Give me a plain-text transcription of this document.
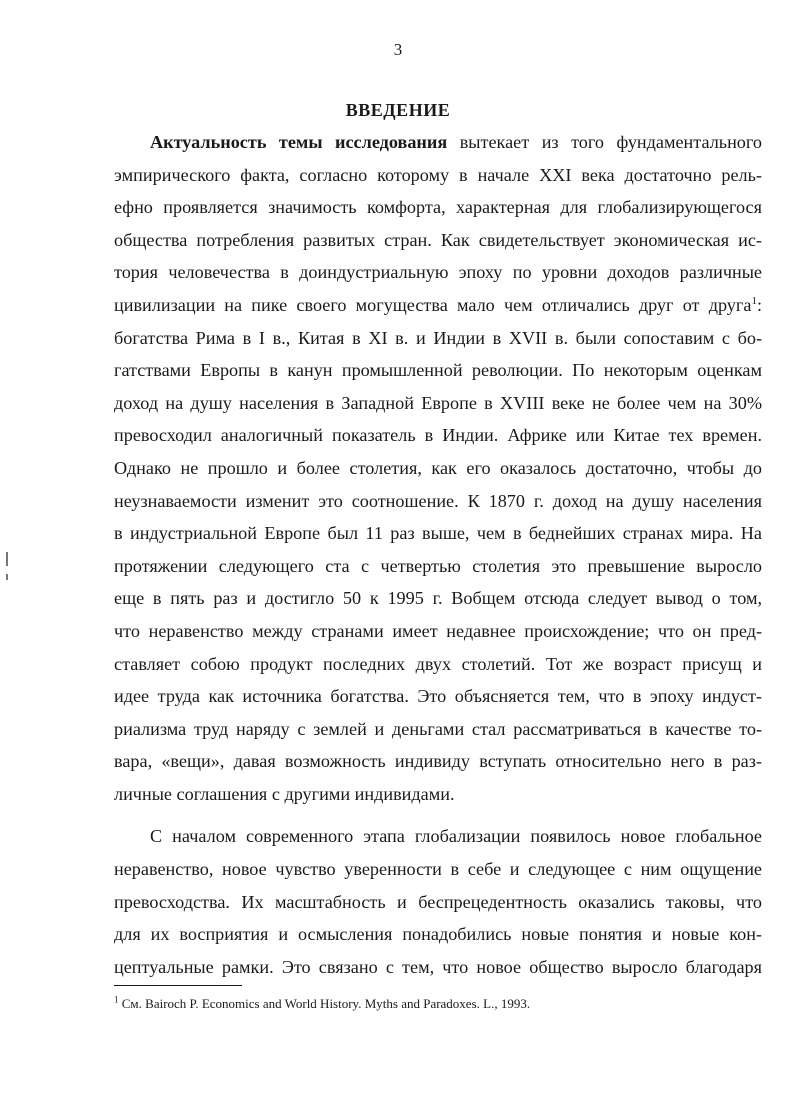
3
ВВЕДЕНИЕ
Актуальность темы исследования вытекает из того фундаментального
эмпирического факта, согласно которому в начале XXI века достаточно рель-
ефно проявляется значимость комфорта, характерная для глобализирующегося
общества потребления развитых стран. Как свидетельствует экономическая ис-
тория человечества в доиндустриальную эпоху по уровни доходов различные
цивилизации на пике своего могущества мало чем отличались друг от друга$^1$:
богатства Рима в I в., Китая в XI в. и Индии в XVII в. были сопоставим с бо-
гатствами Европы в канун промышленной революции. По некоторым оценкам
доход на душу населения в Западной Европе в XVIII веке не более чем на 30%
превосходил аналогичный показатель в Индии. Африке или Китае тех времен.
Однако не прошло и более столетия, как его оказалось достаточно, чтобы до
неузнаваемости изменит это соотношение. К 1870 г. доход на душу населения
в индустриальной Европе был 11 раз выше, чем в беднейших странах мира. На
протяжении следующего ста с четвертью столетия это превышение выросло
еще в пять раз и достигло 50 к 1995 г. Вобщем отсюда следует вывод о том,
что неравенство между странами имеет недавнее происхождение; что он пред-
ставляет собою продукт последних двух столетий. Тот же возраст присущ и
идее труда как источника богатства. Это объясняется тем, что в эпоху индуст-
риализма труд наряду с землей и деньгами стал рассматриваться в качестве то-
вара, «вещи», давая возможность индивиду вступать относительно него в раз-
личные соглашения с другими индивидами.
С началом современного этапа глобализации появилось новое глобальное
неравенство, новое чувство уверенности в себе и следующее с ним ощущение
превосходства. Их масштабность и беспрецедентность оказались таковы, что
для их восприятия и осмысления понадобились новые понятия и новые кон-
цептуальные рамки. Это связано с тем, что новое общество выросло благодаря
$^1$ См. Bairoch P. Economics and World History. Myths and Paradoxes. L., 1993.
